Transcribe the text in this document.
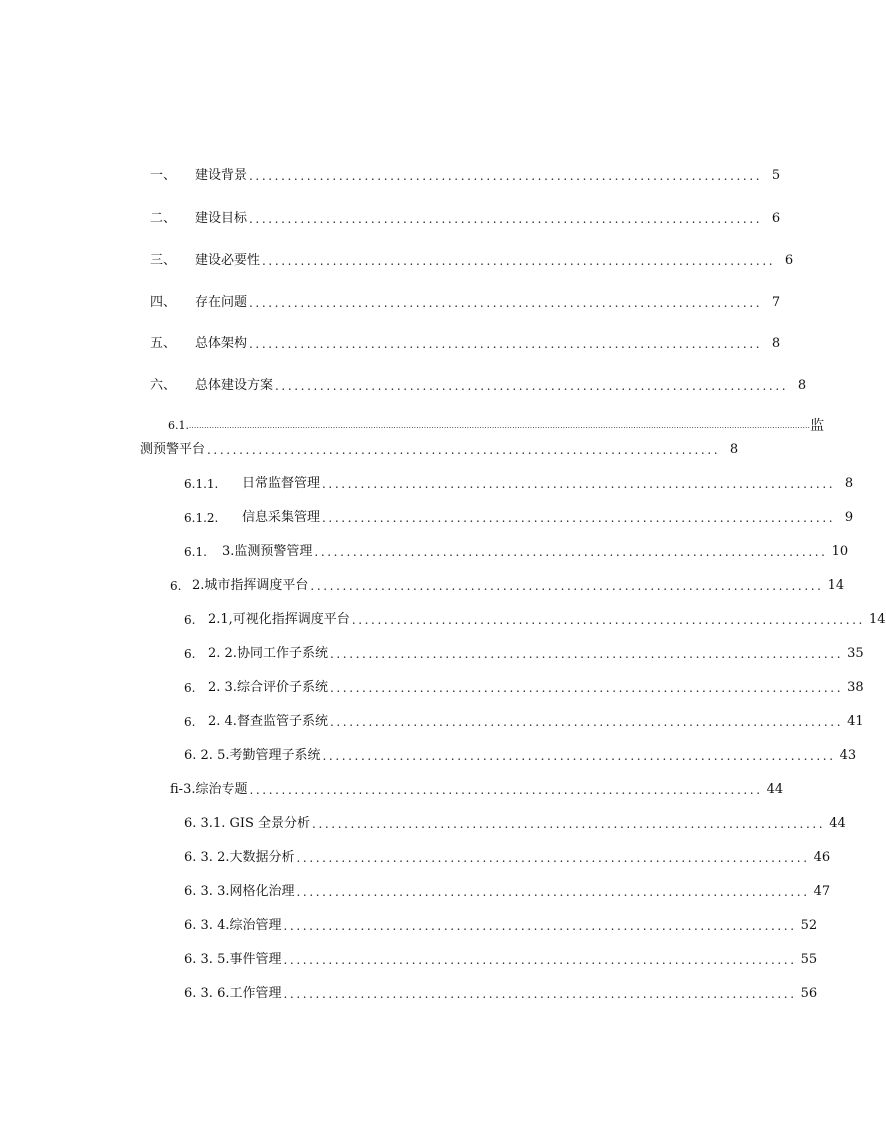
一、	建设背景 ................................................................................ 5
二、	建设目标 ................................................................................ 6
三、	建设必要性 ................................................................................ 6
四、	存在问题 ................................................................................ 7
五、	总体架构 ................................................................................ 8
六、	总体建设方案 ................................................................................ 8
6.1. ...................................................................................................................................................................................................................................................... 监
测预警平台 ................................................................................ 8
6.1.1.	日常监督管理 ................................................................................ 8
6.1.2.	信息采集管理 ................................................................................ 9
6.1.	3.监测预警管理 ................................................................................ 10
6. 2.城市指挥调度平台 ................................................................................ 14
6. 2.1,可视化指挥调度平台 ................................................................................ 14
6. 2. 2.协同工作子系统 ................................................................................ 35
6. 2. 3.综合评价子系统 ................................................................................ 38
6. 2. 4.督查监管子系统 ................................................................................ 41
6. 2. 5.考勤管理子系统 ................................................................................ 43
fi-3.综治专题 ................................................................................ 44
6. 3.1. GIS 全景分析 ................................................................................ 44
6. 3. 2.大数据分析 ................................................................................ 46
6. 3. 3.网格化治理 ................................................................................ 47
6. 3. 4.综治管理 ................................................................................ 52
6. 3. 5.事件管理 ................................................................................ 55
6. 3. 6.工作管理 ................................................................................ 56
